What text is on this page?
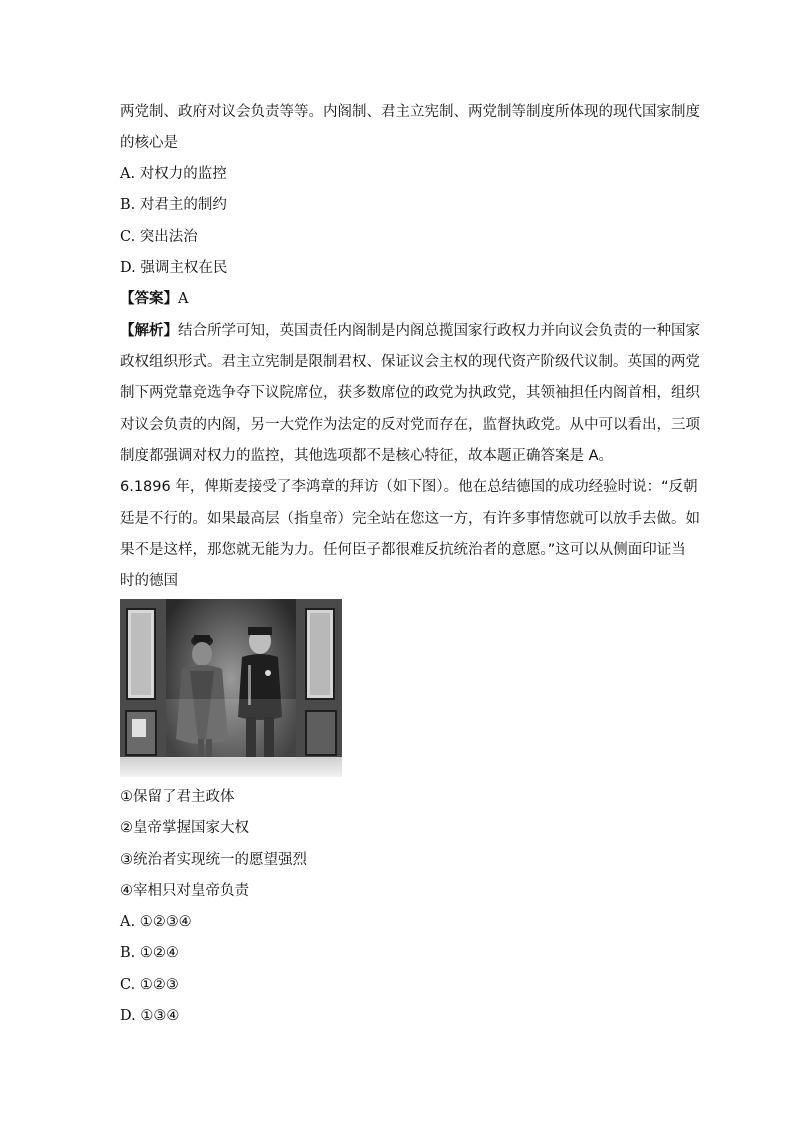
两党制、政府对议会负责等等。内阁制、君主立宪制、两党制等制度所体现的现代国家制度
的核心是
A. 对权力的监控
B. 对君主的制约
C. 突出法治
D. 强调主权在民
【答案】A
【解析】结合所学可知，英国责任内阁制是内阁总揽国家行政权力并向议会负责的一种国家
政权组织形式。君主立宪制是限制君权、保证议会主权的现代资产阶级代议制。英国的两党
制下两党靠竞选争夺下议院席位，获多数席位的政党为执政党，其领袖担任内阁首相，组织
对议会负责的内阁，另一大党作为法定的反对党而存在，监督执政党。从中可以看出，三项
制度都强调对权力的监控，其他选项都不是核心特征，故本题正确答案是 A。
6.1896 年，俾斯麦接受了李鸿章的拜访（如下图）。他在总结德国的成功经验时说：“反朝
廷是不行的。如果最高层（指皇帝）完全站在您这一方，有许多事情您就可以放手去做。如
果不是这样，那您就无能为力。任何臣子都很难反抗统治者的意愿。”这可以从侧面印证当
时的德国
①保留了君主政体
②皇帝掌握国家大权
③统治者实现统一的愿望强烈
④宰相只对皇帝负责
A. ①②③④
B. ①②④
C. ①②③
D. ①③④
